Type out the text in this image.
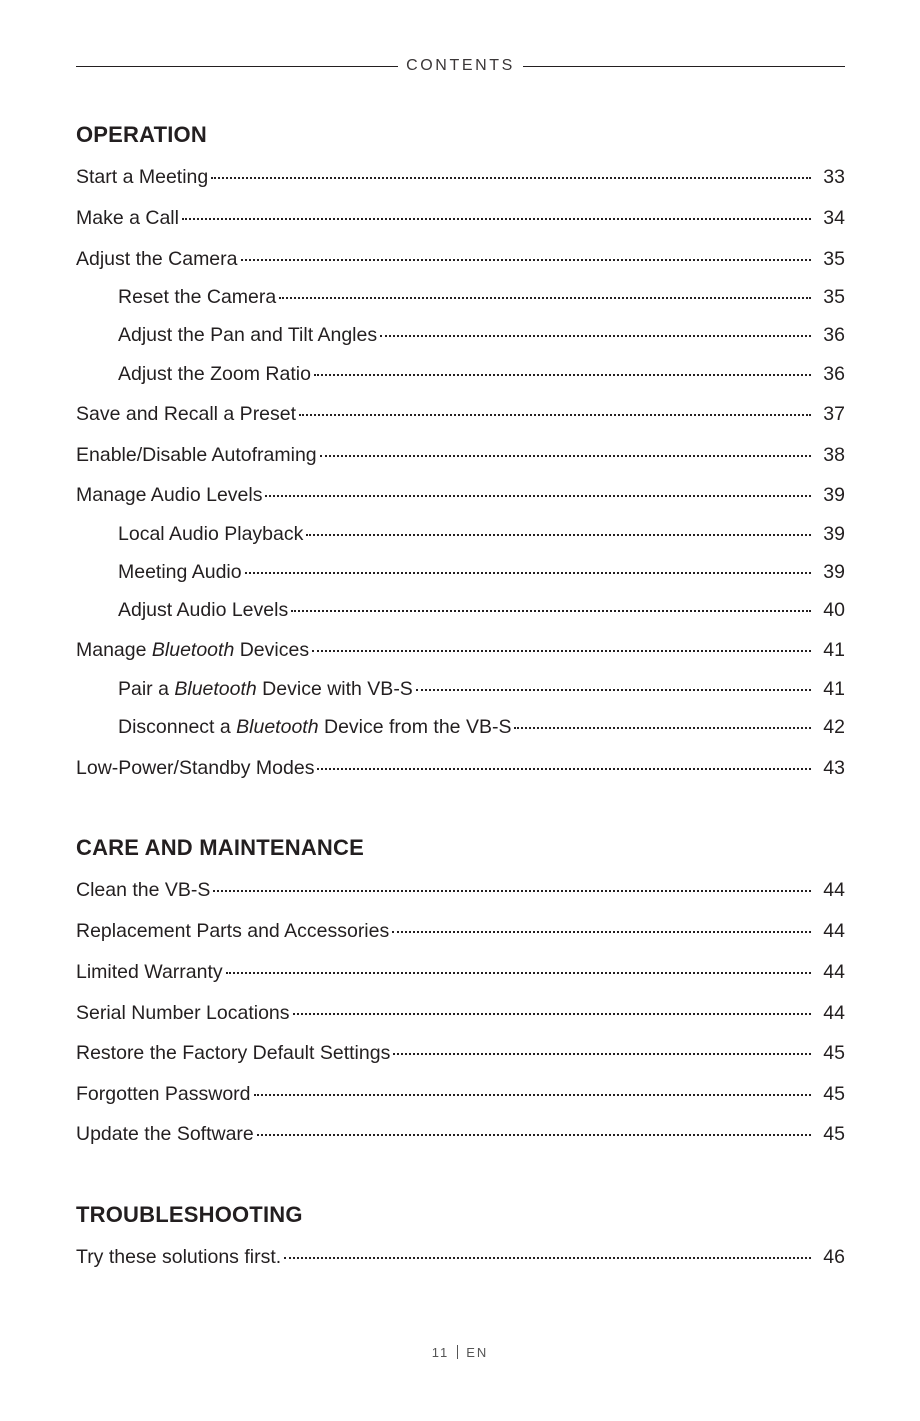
CONTENTS
OPERATION
Start a Meeting	33
Make a Call	34
Adjust the Camera	35
Reset the Camera	35
Adjust the Pan and Tilt Angles	36
Adjust the Zoom Ratio	36
Save and Recall a Preset	37
Enable/Disable Autoframing	38
Manage Audio Levels	39
Local Audio Playback	39
Meeting Audio	39
Adjust Audio Levels	40
Manage Bluetooth Devices	41
Pair a Bluetooth Device with VB-S	41
Disconnect a Bluetooth Device from the VB-S	42
Low-Power/Standby Modes	43
CARE AND MAINTENANCE
Clean the VB-S	44
Replacement Parts and Accessories	44
Limited Warranty	44
Serial Number Locations	44
Restore the Factory Default Settings	45
Forgotten Password	45
Update the Software	45
TROUBLESHOOTING
Try these solutions first.	46
11 EN
